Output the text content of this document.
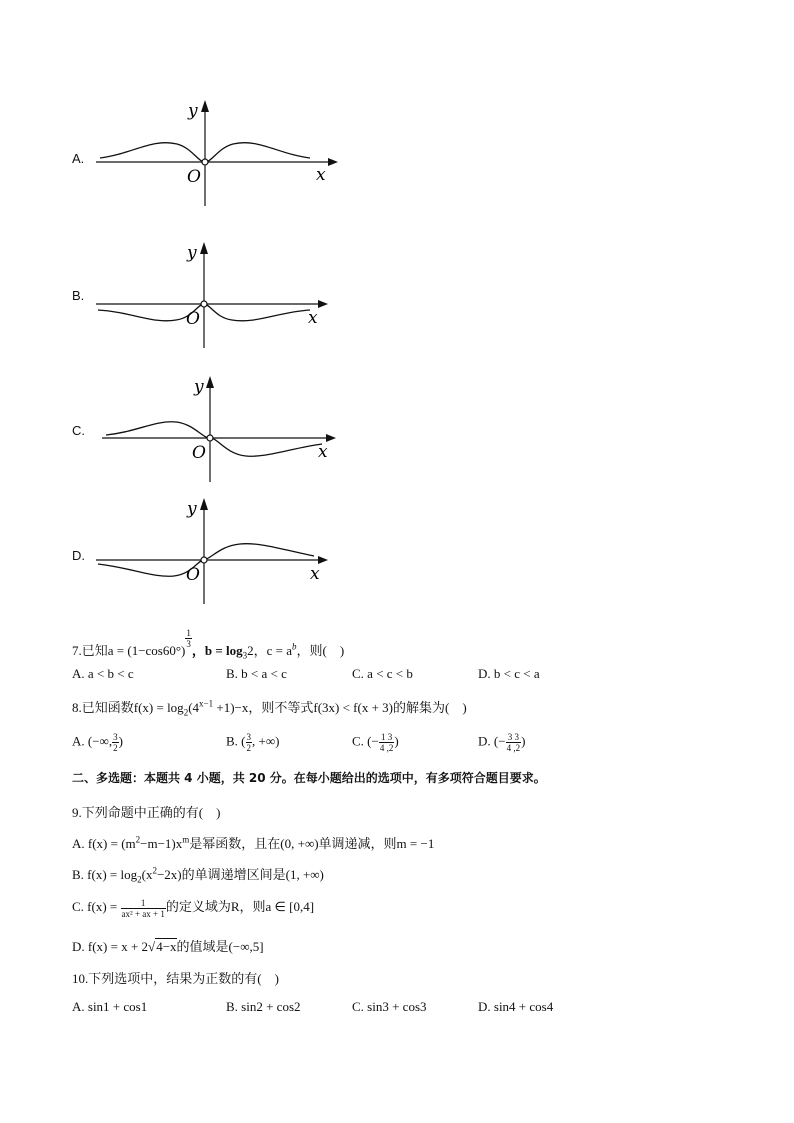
A.
y
O	x
B.
y
O	x
C.
y
O	x
D.
y
O	x
7.已知a = (1−cos60°)
$\frac{1}{3}$
，$b = \log_32$，$c = a^b$，则(　)
A. a < b < c	B. b < a < c	C. a < c < b	D. b < c < a
8.已知函数$f(x) = \log_2(4^{x-1} +1)-x$，则不等式f(3x) < f(x + 3)的解集为(　)
A. (−∞, $\frac{3}{2}$ )	B. ( $\frac{3}{2}$ , +∞)	C. (− $\frac{1 3}{4 ,2}$ )	D. (− $\frac{3 3}{4 ,2}$ )
二、多选题：本题共 4 小题，共 20 分。在每小题给出的选项中，有多项符合题目要求。
9.下列命题中正确的有(　)
A. $f(x) = (m^2-m-1)x^m$是幂函数，且在(0, +∞)单调递减，则m = −1
B. $f(x) = \log_2(x^2-2x)$的单调递增区间是(1, +∞)
C. $f(x) = \frac{1}{\text{ax² + ax + 1}}$ 的定义域为R，则a ∈ [0,4]
D. f(x) = x + 2√4−x的值域是(−∞,5]
10.下列选项中，结果为正数的有(　)
A. sin1 + cos1	B. sin2 + cos2	C. sin3 + cos3	D. sin4 + cos4
